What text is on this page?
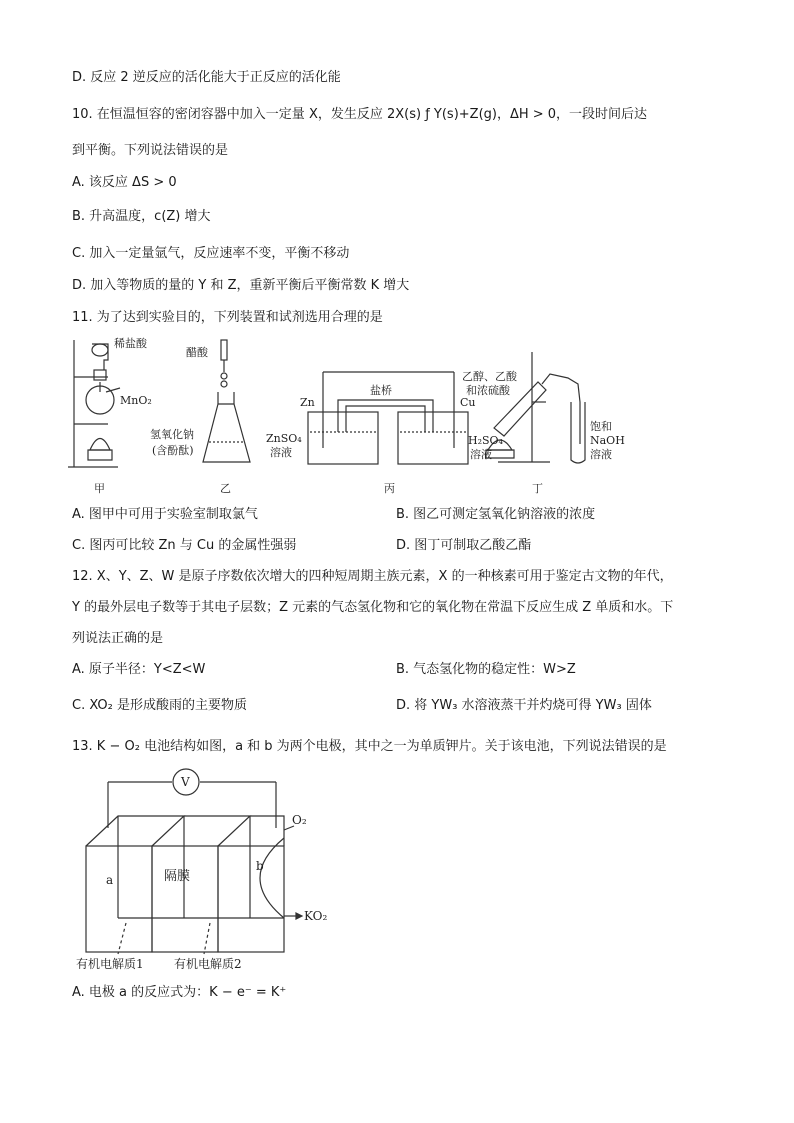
D. 反应 2 逆反应的活化能大于正反应的活化能
10. 在恒温恒容的密闭容器中加入一定量 X，发生反应 2X(s) ƒ Y(s)+Z(g)，ΔH > 0，一段时间后达
到平衡。下列说法错误的是
A. 该反应 ΔS > 0
B. 升高温度，c(Z) 增大
C. 加入一定量氩气，反应速率不变，平衡不移动
D. 加入等物质的量的 Y 和 Z，重新平衡后平衡常数 K 增大
11. 为了达到实验目的，下列装置和试剂选用合理的是
稀盐酸
MnO₂
甲
醋酸
氢氧化钠
(含酚酞)
乙
盐桥
Zn	Cu
ZnSO₄
溶液
H₂SO₄
溶液
丙
乙醇、乙酸
和浓硫酸
饱和
NaOH
溶液
丁
A. 图甲中可用于实验室制取氯气	B. 图乙可测定氢氧化钠溶液的浓度
C. 图丙可比较 Zn 与 Cu 的金属性强弱	D. 图丁可制取乙酸乙酯
12. X、Y、Z、W 是原子序数依次增大的四种短周期主族元素，X 的一种核素可用于鉴定古文物的年代，
Y 的最外层电子数等于其电子层数；Z 元素的气态氢化物和它的氧化物在常温下反应生成 Z 单质和水。下
列说法正确的是
A. 原子半径：Y<Z<W	B. 气态氢化物的稳定性：W>Z
C. XO₂ 是形成酸雨的主要物质	D. 将 YW₃ 水溶液蒸干并灼烧可得 YW₃ 固体
13. K − O₂ 电池结构如图，a 和 b 为两个电极，其中之一为单质钾片。关于该电池，下列说法错误的是
V
O₂
KO₂
a
b
隔膜
有机电解质1	有机电解质2
A. 电极 a 的反应式为：K − e⁻ = K⁺
